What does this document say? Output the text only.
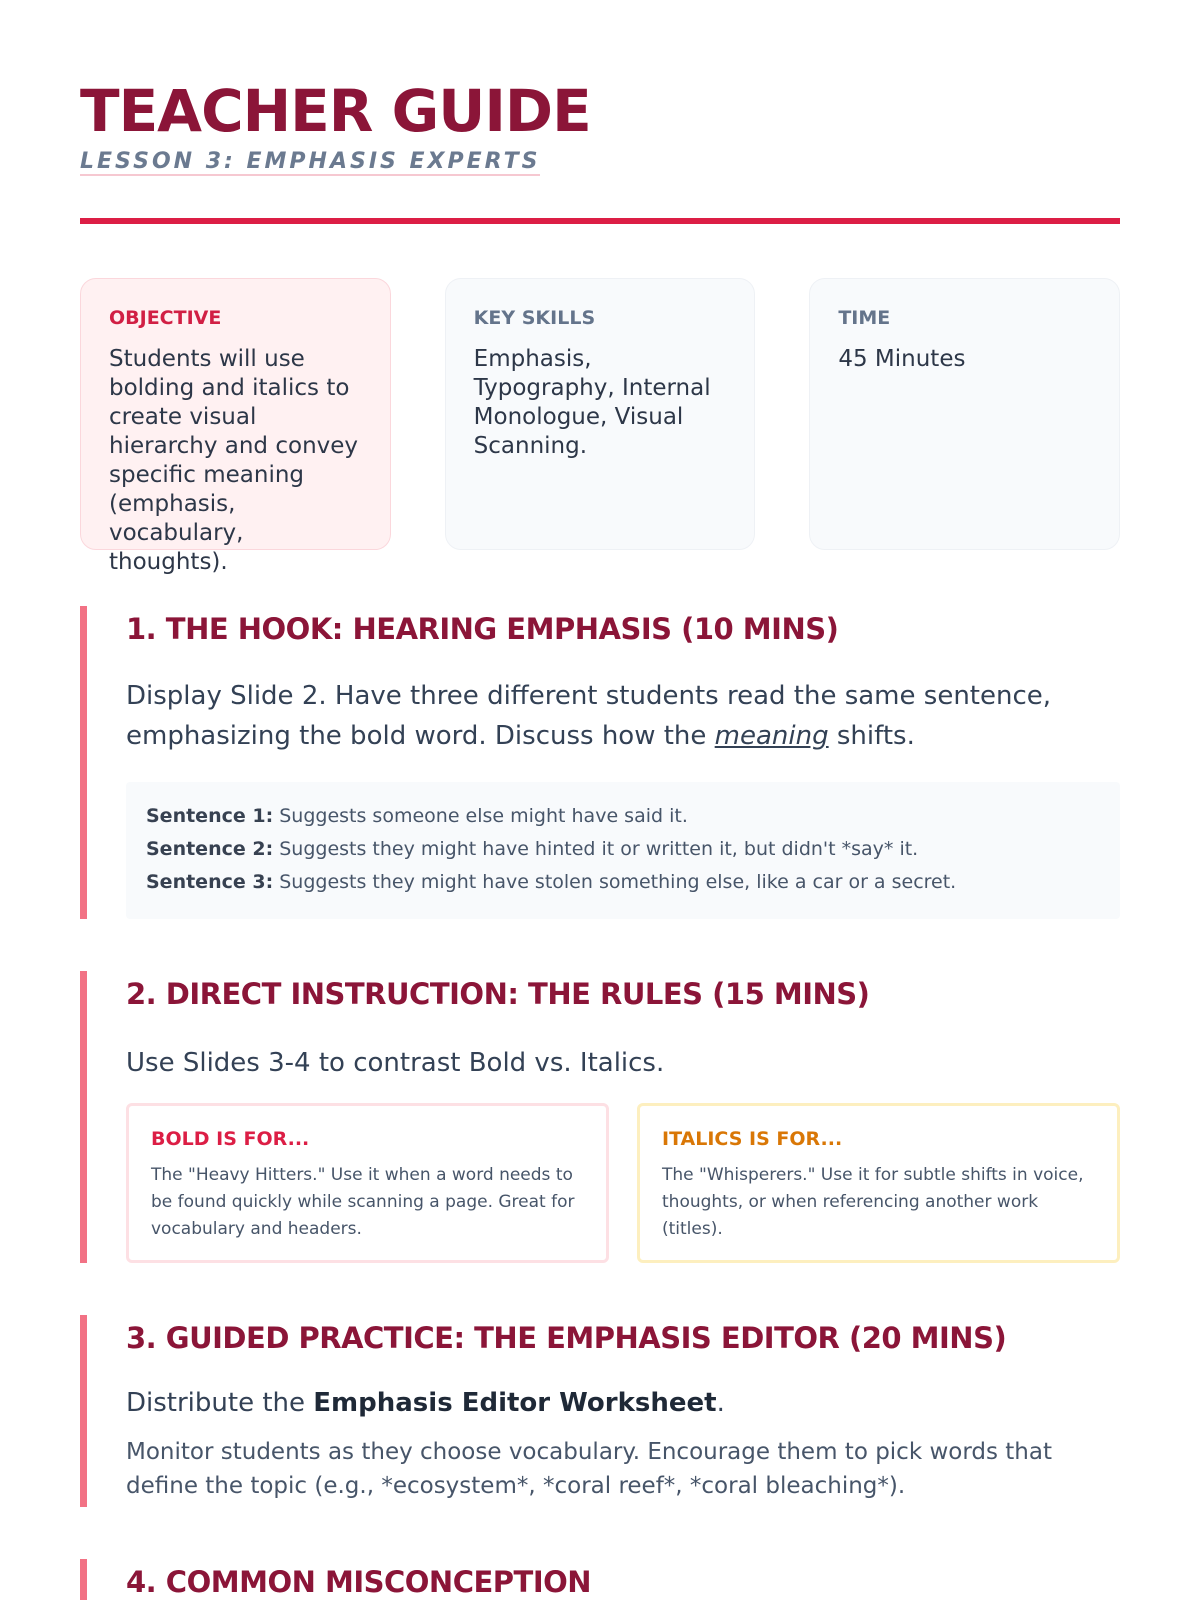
TEACHER GUIDE
LESSON 3: EMPHASIS EXPERTS
OBJECTIVE
Students will use bolding and italics to create visual hierarchy and convey specific meaning (emphasis, vocabulary, thoughts).
KEY SKILLS
Emphasis, Typography, Internal Monologue, Visual Scanning.
TIME
45 Minutes
1. THE HOOK: HEARING EMPHASIS (10 MINS)

Display Slide 2. Have three different students read the same sentence, emphasizing the bold word. Discuss how the meaning shifts.

Sentence 1: Suggests someone else might have said it.
Sentence 2: Suggests they might have hinted it or written it, but didn't *say* it.
Sentence 3: Suggests they might have stolen something else, like a car or a secret.
2. DIRECT INSTRUCTION: THE RULES (15 MINS)

Use Slides 3-4 to contrast Bold vs. Italics.

BOLD IS FOR...
The "Heavy Hitters." Use it when a word needs to be found quickly while scanning a page. Great for vocabulary and headers.
ITALICS IS FOR...
The "Whisperers." Use it for subtle shifts in voice, thoughts, or when referencing another work (titles).
3. GUIDED PRACTICE: THE EMPHASIS EDITOR (20 MINS)

Distribute the Emphasis Editor Worksheet.

Monitor students as they choose vocabulary. Encourage them to pick words that define the topic (e.g., *ecosystem*, *coral reef*, *coral bleaching*).

4. COMMON MISCONCEPTION
